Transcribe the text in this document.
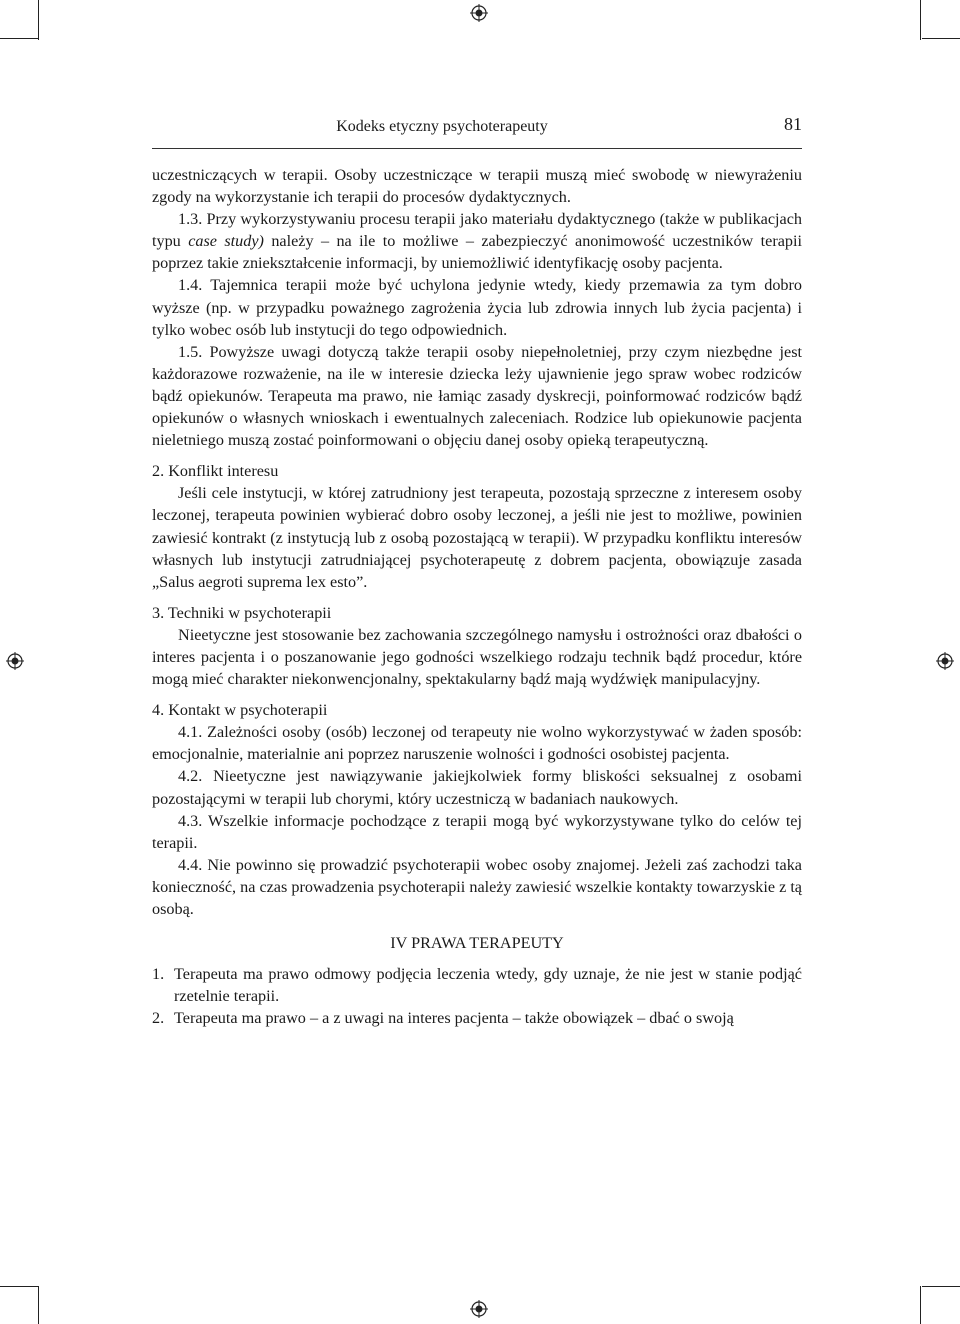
Kodeks etyczny psychoterapeuty	81

uczestniczących w terapii. Osoby uczestniczące w terapii muszą mieć swobodę w niewyrażeniu zgody na wykorzystanie ich terapii do procesów dydaktycznych.

1.3. Przy wykorzystywaniu procesu terapii jako materiału dydaktycznego (także w publikacjach typu case study) należy – na ile to możliwe – zabezpieczyć anonimowość uczestników terapii poprzez takie zniekształcenie informacji, by uniemożliwić identyfikację osoby pacjenta.

1.4. Tajemnica terapii może być uchylona jedynie wtedy, kiedy przemawia za tym dobro wyższe (np. w przypadku poważnego zagrożenia życia lub zdrowia innych lub życia pacjenta) i tylko wobec osób lub instytucji do tego odpowiednich.

1.5. Powyższe uwagi dotyczą także terapii osoby niepełnoletniej, przy czym niezbędne jest każdorazowe rozważenie, na ile w interesie dziecka leży ujawnienie jego spraw wobec rodziców bądź opiekunów. Terapeuta ma prawo, nie łamiąc zasady dyskrecji, poinformować rodziców bądź opiekunów o własnych wnioskach i ewentualnych zaleceniach. Rodzice lub opiekunowie pacjenta nieletniego muszą zostać poinformowani o objęciu danej osoby opieką terapeutyczną.

2. Konflikt interesu

Jeśli cele instytucji, w której zatrudniony jest terapeuta, pozostają sprzeczne z interesem osoby leczonej, terapeuta powinien wybierać dobro osoby leczonej, a jeśli nie jest to możliwe, powinien zawiesić kontrakt (z instytucją lub z osobą pozostającą w terapii). W przypadku konfliktu interesów własnych lub instytucji zatrudniającej psychoterapeutę z dobrem pacjenta, obowiązuje zasada „Salus aegroti suprema lex esto”.

3. Techniki w psychoterapii

Nieetyczne jest stosowanie bez zachowania szczególnego namysłu i ostrożności oraz dbałości o interes pacjenta i o poszanowanie jego godności wszelkiego rodzaju technik bądź procedur, które mogą mieć charakter niekonwencjonalny, spektakularny bądź mają wydźwięk manipulacyjny.

4. Kontakt w psychoterapii

4.1. Zależności osoby (osób) leczonej od terapeuty nie wolno wykorzystywać w żaden sposób: emocjonalnie, materialnie ani poprzez naruszenie wolności i godności osobistej pacjenta.

4.2. Nieetyczne jest nawiązywanie jakiejkolwiek formy bliskości seksualnej z osobami pozostającymi w terapii lub chorymi, który uczestniczą w badaniach naukowych.

4.3. Wszelkie informacje pochodzące z terapii mogą być wykorzystywane tylko do celów tej terapii.

4.4. Nie powinno się prowadzić psychoterapii wobec osoby znajomej. Jeżeli zaś zachodzi taka konieczność, na czas prowadzenia psychoterapii należy zawiesić wszelkie kontakty towarzyskie z tą osobą.

IV PRAWA TERAPEUTY

1. Terapeuta ma prawo odmowy podjęcia leczenia wtedy, gdy uznaje, że nie jest w stanie podjąć rzetelnie terapii.
2. Terapeuta ma prawo – a z uwagi na interes pacjenta – także obowiązek – dbać o swoją
